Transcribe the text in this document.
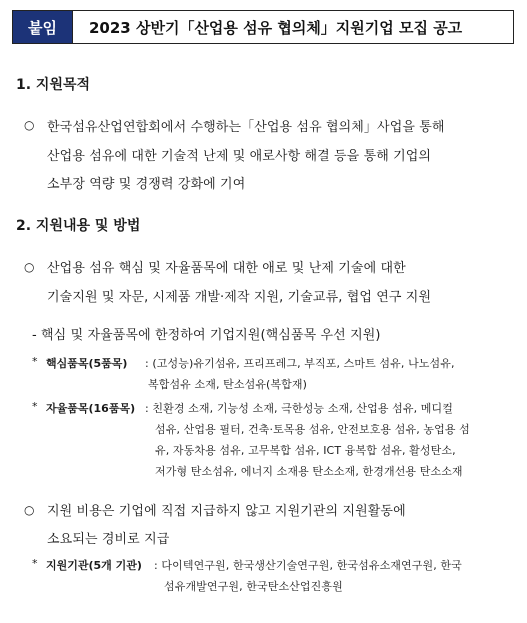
붙임	2023 상반기「산업용 섬유 협의체」지원기업 모집 공고
1. 지원목적
○ 한국섬유산업연합회에서 수행하는「산업용 섬유 협의체」사업을 통해
산업용 섬유에 대한 기술적 난제 및 애로사항 해결 등을 통해 기업의
소부장 역량 및 경쟁력 강화에 기여
2. 지원내용 및 방법
○ 산업용 섬유 핵심 및 자율품목에 대한 애로 및 난제 기술에 대한
기술지원 및 자문, 시제품 개발·제작 지원, 기술교류, 협업 연구 지원
- 핵심 및 자율품목에 한정하여 기업지원(핵심품목 우선 지원)
* 핵심품목(5품목) : (고성능)유기섬유, 프리프레그, 부직포, 스마트 섬유, 나노섬유,
복합섬유 소재, 탄소섬유(복합재)
* 자율품목(16품목) : 친환경 소재, 기능성 소재, 극한성능 소재, 산업용 섬유, 메디컬
섬유, 산업용 필터, 건축·토목용 섬유, 안전보호용 섬유, 농업용 섬
유, 자동차용 섬유, 고무복합 섬유, ICT 융복합 섬유, 활성탄소,
저가형 탄소섬유, 에너지 소재용 탄소소재, 한경개선용 탄소소재
○ 지원 비용은 기업에 직접 지급하지 않고 지원기관의 지원활동에
소요되는 경비로 지급
* 지원기관(5개 기관) : 다이텍연구원, 한국생산기술연구원, 한국섬유소재연구원, 한국
섬유개발연구원, 한국탄소산업진흥원
